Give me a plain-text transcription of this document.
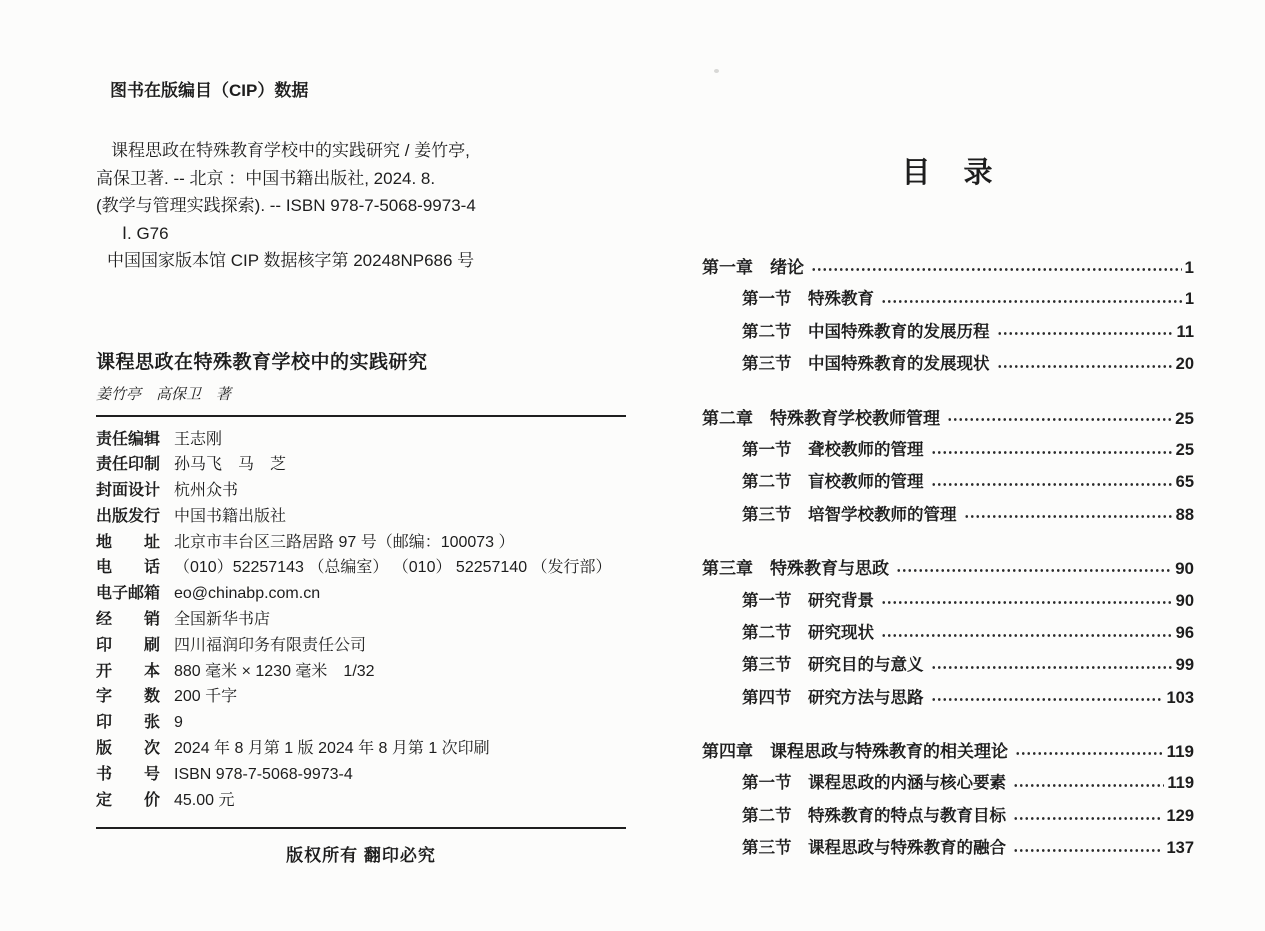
图书在版编目（CIP）数据
课程思政在特殊教育学校中的实践研究 / 姜竹亭,
高保卫著. -- 北京 ：中国书籍出版社, 2024. 8.
(教学与管理实践探索). -- ISBN 978-7-5068-9973-4
Ⅰ. G76
中国国家版本馆 CIP 数据核字第 20248NP686 号
课程思政在特殊教育学校中的实践研究
姜竹亭　高保卫　著
责任编辑 王志刚
责任印制 孙马飞　马　芝
封面设计 杭州众书
出版发行 中国书籍出版社
地　　址 北京市丰台区三路居路 97 号（邮编：100073 ）
电　　话 （010）52257143 （总编室） （010） 52257140 （发行部）
电子邮箱 eo@chinabp.com.cn
经　　销 全国新华书店
印　　刷 四川福润印务有限责任公司
开　　本 880 毫米 × 1230 毫米　1/32
字　　数 200 千字
印　　张 9
版　　次 2024 年 8 月第 1 版 2024 年 8 月第 1 次印刷
书　　号 ISBN 978-7-5068-9973-4
定　　价 45.00 元
版权所有 翻印必究
目　录
第一章　绪论	1
第一节　特殊教育	1
第二节　中国特殊教育的发展历程	11
第三节　中国特殊教育的发展现状	20
第二章　特殊教育学校教师管理	25
第一节　聋校教师的管理	25
第二节　盲校教师的管理	65
第三节　培智学校教师的管理	88
第三章　特殊教育与思政	90
第一节　研究背景	90
第二节　研究现状	96
第三节　研究目的与意义	99
第四节　研究方法与思路	103
第四章　课程思政与特殊教育的相关理论	119
第一节　课程思政的内涵与核心要素	119
第二节　特殊教育的特点与教育目标	129
第三节　课程思政与特殊教育的融合	137
